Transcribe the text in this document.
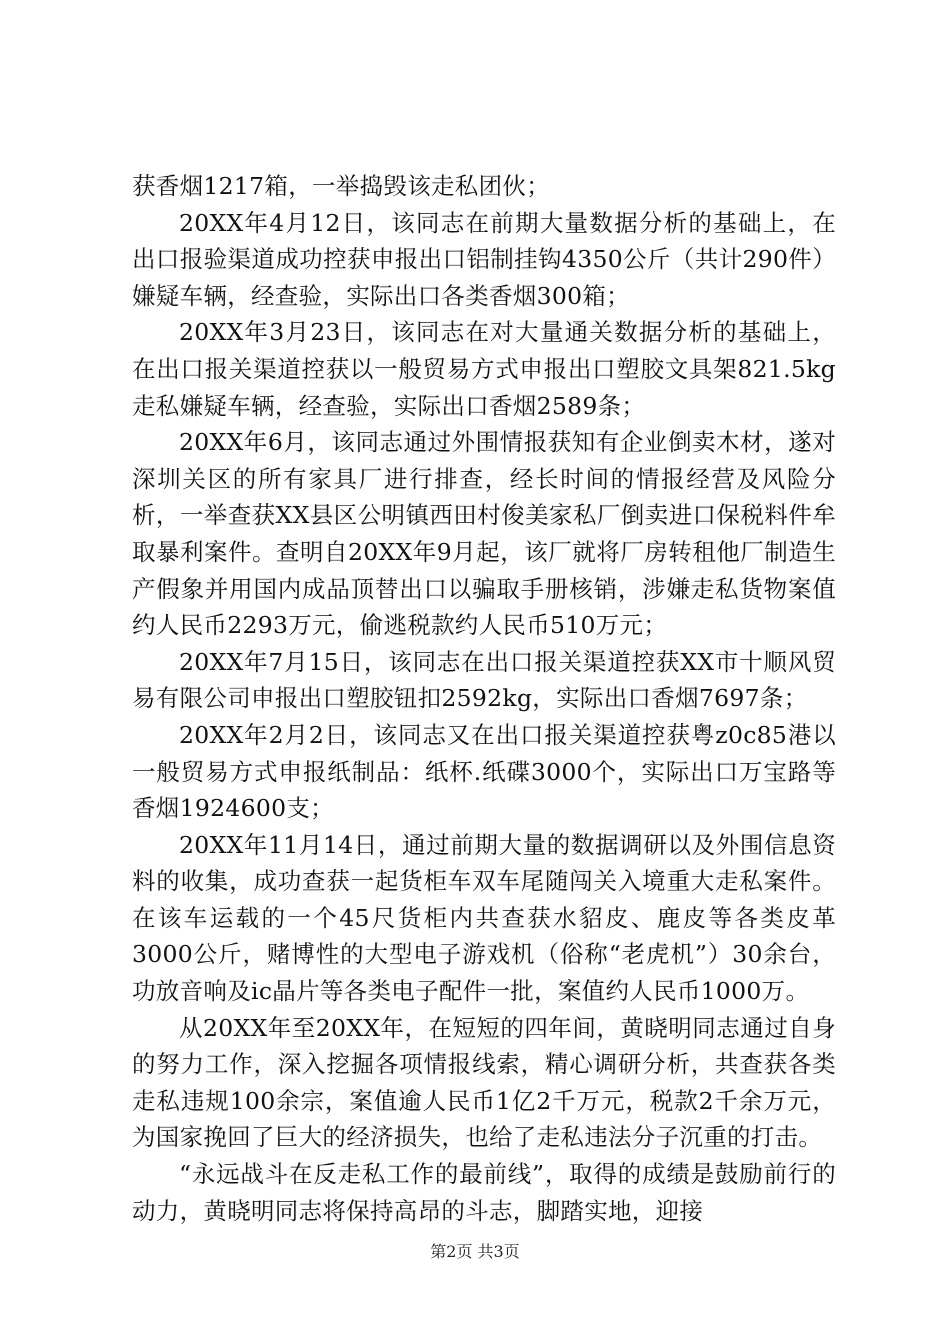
获香烟1217箱，一举捣毁该走私团伙；

20XX年4月12日，该同志在前期大量数据分析的基础上，在出口报验渠道成功控获申报出口铝制挂钩4350公斤（共计290件）嫌疑车辆，经查验，实际出口各类香烟300箱；

20XX年3月23日，该同志在对大量通关数据分析的基础上，在出口报关渠道控获以一般贸易方式申报出口塑胶文具架821.5kg走私嫌疑车辆，经查验，实际出口香烟2589条；

20XX年6月，该同志通过外围情报获知有企业倒卖木材，遂对深圳关区的所有家具厂进行排查，经长时间的情报经营及风险分析，一举查获XX县区公明镇西田村俊美家私厂倒卖进口保税料件牟取暴利案件。查明自20XX年9月起，该厂就将厂房转租他厂制造生产假象并用国内成品顶替出口以骗取手册核销，涉嫌走私货物案值约人民币2293万元，偷逃税款约人民币510万元；

20XX年7月15日，该同志在出口报关渠道控获XX市十顺风贸易有限公司申报出口塑胶钮扣2592kg，实际出口香烟7697条；

20XX年2月2日，该同志又在出口报关渠道控获粤z0c85港以一般贸易方式申报纸制品：纸杯.纸碟3000个，实际出口万宝路等香烟1924600支；

20XX年11月14日，通过前期大量的数据调研以及外围信息资料的收集，成功查获一起货柜车双车尾随闯关入境重大走私案件。在该车运载的一个45尺货柜内共查获水貂皮、鹿皮等各类皮革3000公斤，赌博性的大型电子游戏机（俗称“老虎机”）30余台，功放音响及ic晶片等各类电子配件一批，案值约人民币1000万。

从20XX年至20XX年，在短短的四年间，黄晓明同志通过自身的努力工作，深入挖掘各项情报线索，精心调研分析，共查获各类走私违规100余宗，案值逾人民币1亿2千万元，税款2千余万元，为国家挽回了巨大的经济损失，也给了走私违法分子沉重的打击。

“永远战斗在反走私工作的最前线”，取得的成绩是鼓励前行的动力，黄晓明同志将保持高昂的斗志，脚踏实地，迎接

第2页 共3页
